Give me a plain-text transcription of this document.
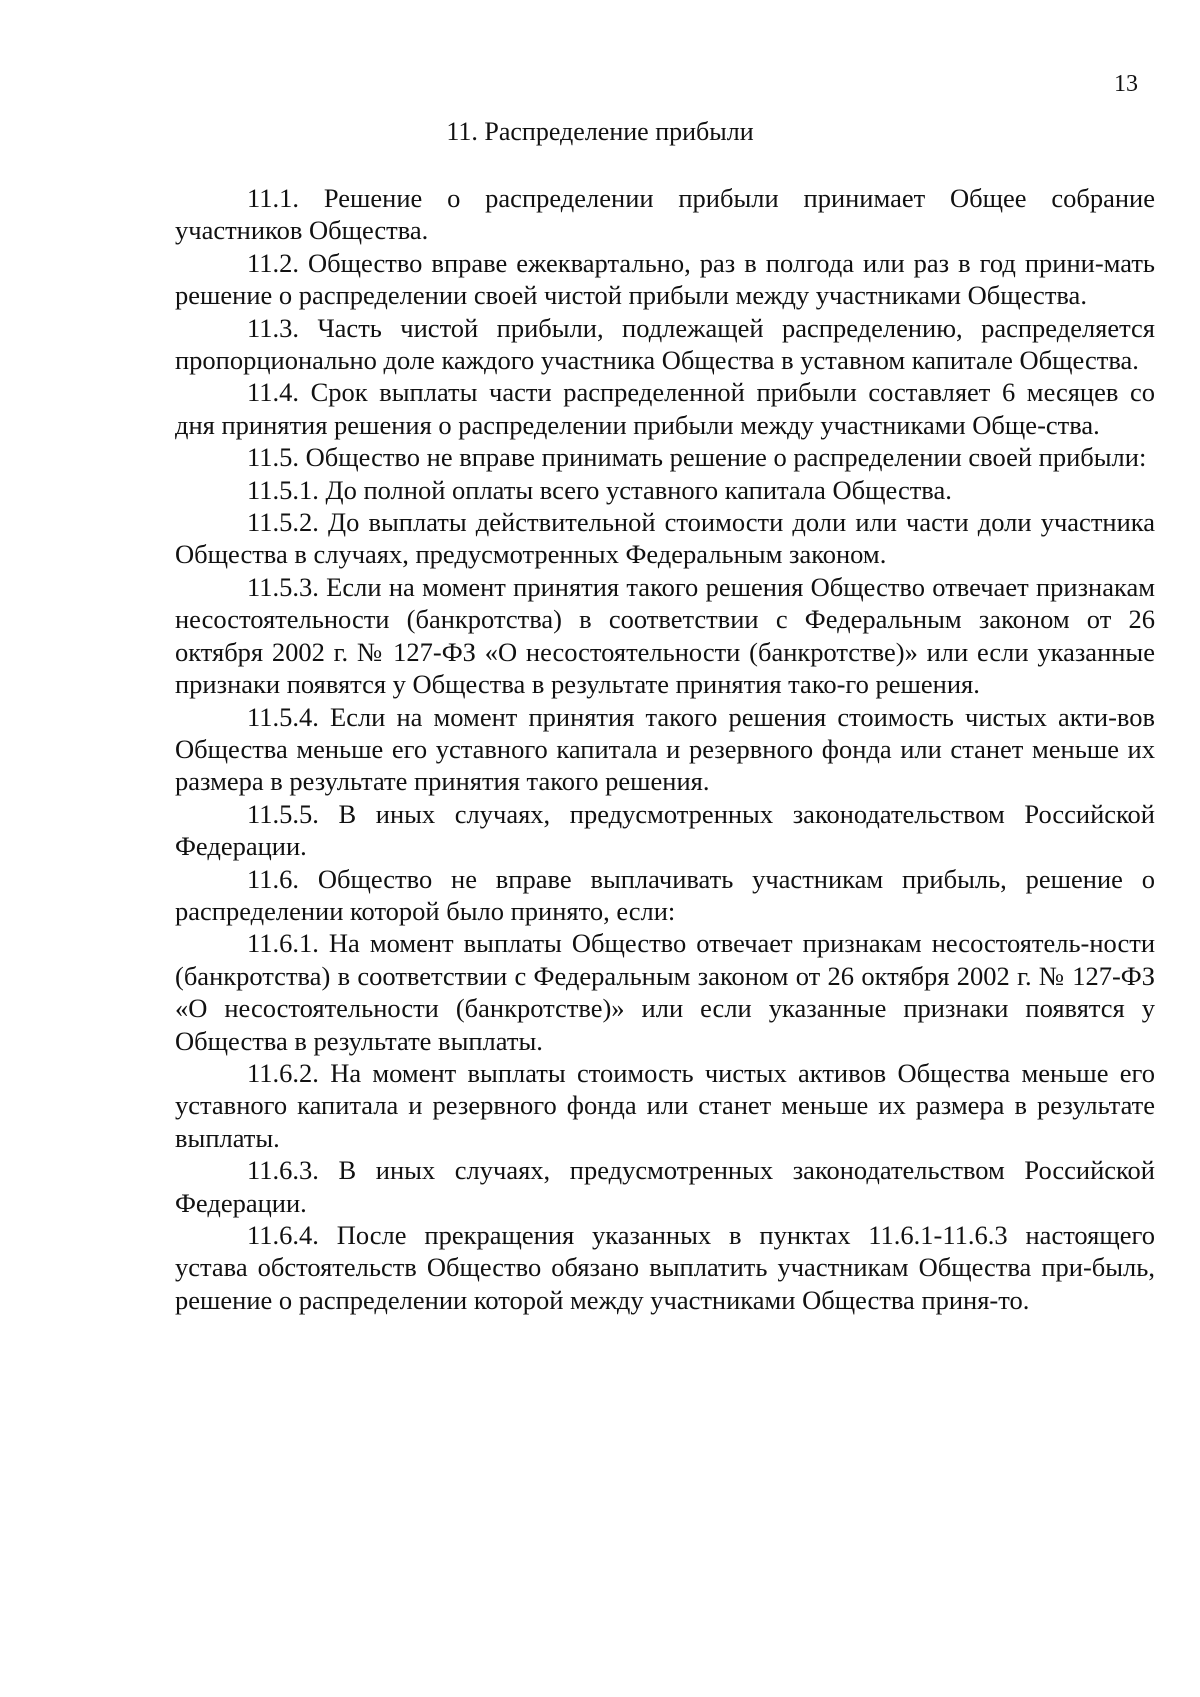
13
11. Распределение прибыли

11.1. Решение о распределении прибыли принимает Общее собрание участников Общества.

11.2. Общество вправе ежеквартально, раз в полгода или раз в год прини-мать решение о распределении своей чистой прибыли между участниками Общества.

11.3. Часть чистой прибыли, подлежащей распределению, распределяется пропорционально доле каждого участника Общества в уставном капитале Общества.

11.4. Срок выплаты части распределенной прибыли составляет 6 месяцев со дня принятия решения о распределении прибыли между участниками Обще-ства.

11.5. Общество не вправе принимать решение о распределении своей прибыли:

11.5.1. До полной оплаты всего уставного капитала Общества.

11.5.2. До выплаты действительной стоимости доли или части доли участника Общества в случаях, предусмотренных Федеральным законом.

11.5.3. Если на момент принятия такого решения Общество отвечает признакам несостоятельности (банкротства) в соответствии с Федеральным законом от 26 октября 2002 г. № 127-ФЗ «О несостоятельности (банкротстве)» или если указанные признаки появятся у Общества в результате принятия тако-го решения.

11.5.4. Если на момент принятия такого решения стоимость чистых акти-вов Общества меньше его уставного капитала и резервного фонда или станет меньше их размера в результате принятия такого решения.

11.5.5. В иных случаях, предусмотренных законодательством Российской Федерации.

11.6. Общество не вправе выплачивать участникам прибыль, решение о распределении которой было принято, если:

11.6.1. На момент выплаты Общество отвечает признакам несостоятель-ности (банкротства) в соответствии с Федеральным законом от 26 октября 2002 г. № 127-ФЗ «О несостоятельности (банкротстве)» или если указанные признаки появятся у Общества в результате выплаты.

11.6.2. На момент выплаты стоимость чистых активов Общества меньше его уставного капитала и резервного фонда или станет меньше их размера в результате выплаты.

11.6.3. В иных случаях, предусмотренных законодательством Российской Федерации.

11.6.4. После прекращения указанных в пунктах 11.6.1-11.6.3 настоящего устава обстоятельств Общество обязано выплатить участникам Общества при-быль, решение о распределении которой между участниками Общества приня-то.
